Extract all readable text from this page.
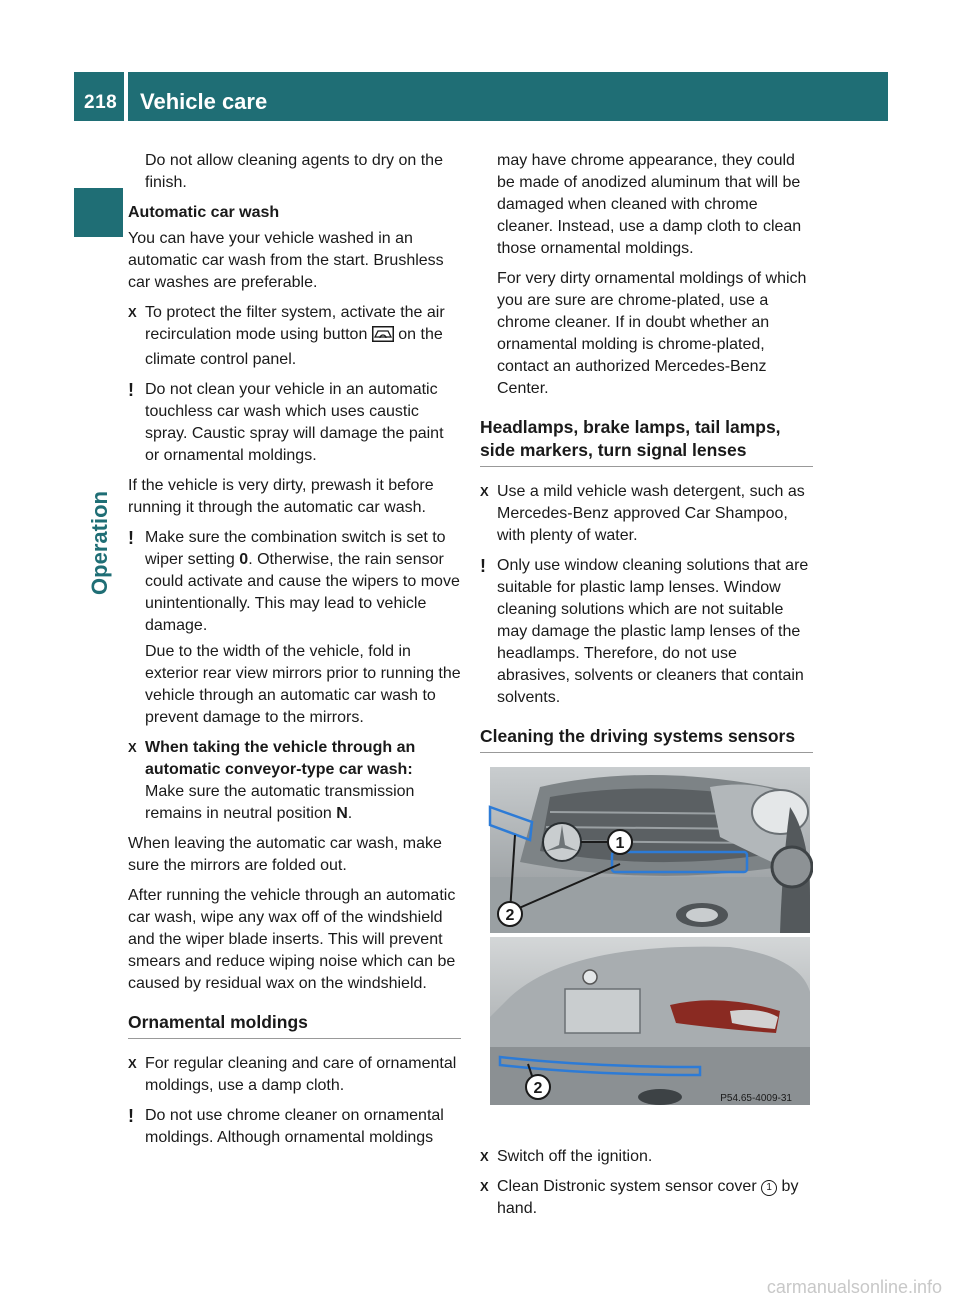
218 Vehicle care
Operation

Do not allow cleaning agents to dry on the finish.

Automatic car wash

You can have your vehicle washed in an automatic car wash from the start. Brushless car washes are preferable.

X To protect the filter system, activate the air recirculation mode using button on the climate control panel.
! Do not clean your vehicle in an automatic touchless car wash which uses caustic spray. Caustic spray will damage the paint or ornamental moldings.

If the vehicle is very dirty, prewash it before running it through the automatic car wash.

! Make sure the combination switch is set to wiper setting 0. Otherwise, the rain sensor could activate and cause the wipers to move unintentionally. This may lead to vehicle damage.
Due to the width of the vehicle, fold in exterior rear view mirrors prior to running the vehicle through an automatic car wash to prevent damage to the mirrors.
X When taking the vehicle through an automatic conveyor-type car wash:
Make sure the automatic transmission remains in neutral position N.

When leaving the automatic car wash, make sure the mirrors are folded out.

After running the vehicle through an automatic car wash, wipe any wax off of the windshield and the wiper blade inserts. This will prevent smears and reduce wiping noise which can be caused by residual wax on the windshield.

Ornamental moldings
X For regular cleaning and care of ornamental moldings, use a damp cloth.
! Do not use chrome cleaner on ornamental moldings. Although ornamental moldings

may have chrome appearance, they could be made of anodized aluminum that will be damaged when cleaned with chrome cleaner. Instead, use a damp cloth to clean those ornamental moldings.

For very dirty ornamental moldings of which you are sure are chrome-plated, use a chrome cleaner. If in doubt whether an ornamental molding is chrome-plated, contact an authorized Mercedes-Benz Center.

Headlamps, brake lamps, tail lamps, side markers, turn signal lenses
X Use a mild vehicle wash detergent, such as Mercedes-Benz approved Car Shampoo, with plenty of water.
! Only use window cleaning solutions that are suitable for plastic lamp lenses. Window cleaning solutions which are not suitable may damage the plastic lamp lenses of the headlamps. Therefore, do not use abrasives, solvents or cleaners that contain solvents.
Cleaning the driving systems sensors
1
2
2
P54.65-4009-31
X Switch off the ignition.
X Clean Distronic system sensor cover 1 by hand.
carmanualsonline.info
